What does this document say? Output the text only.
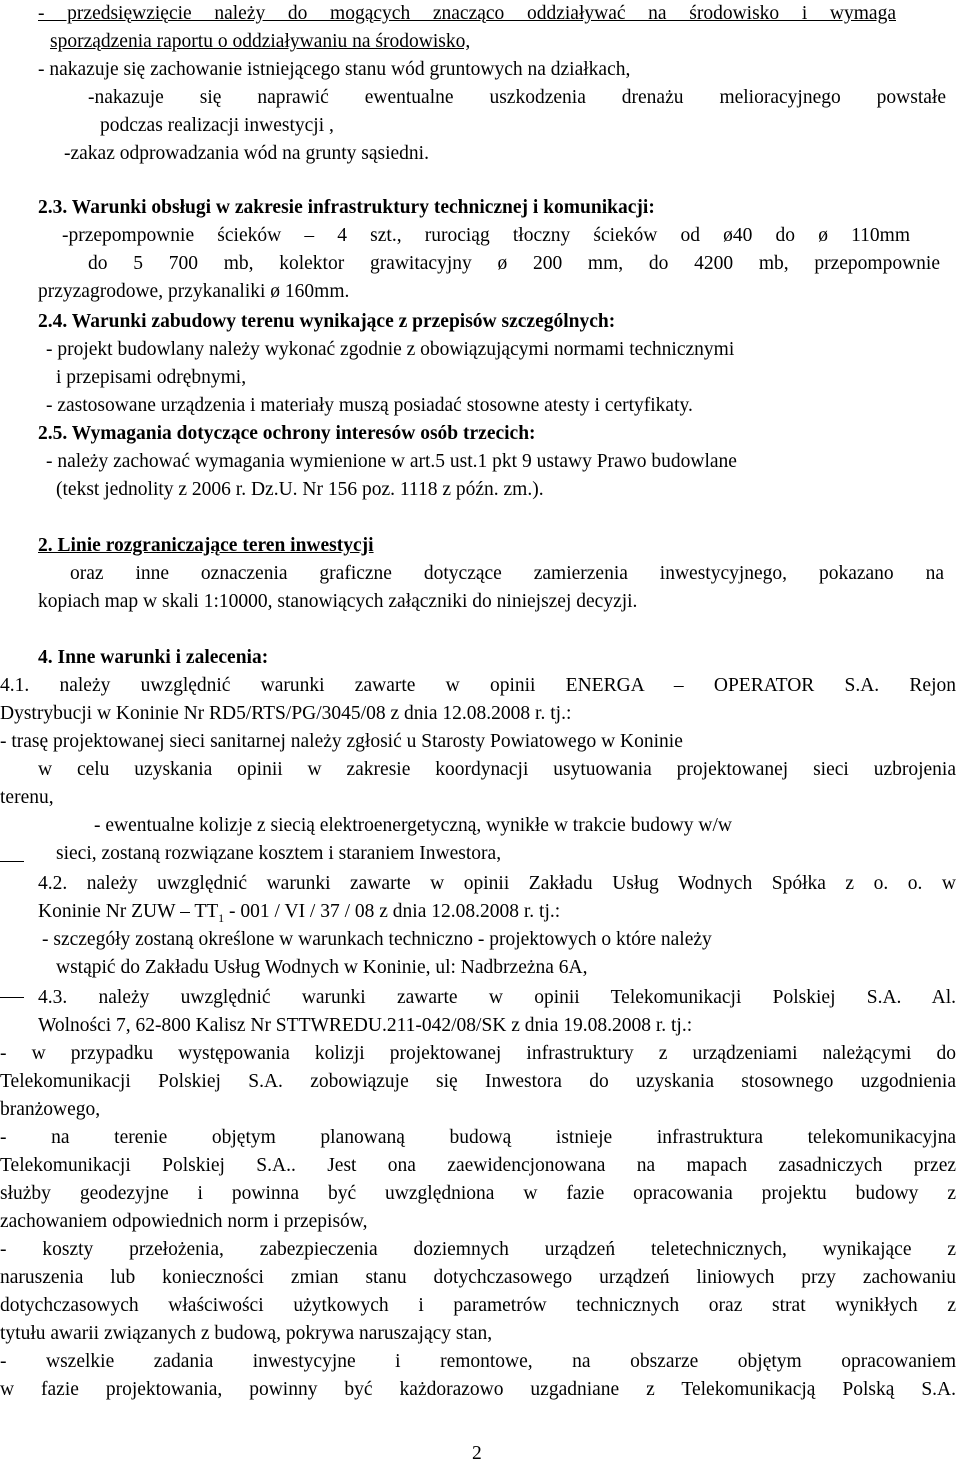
- przedsięwzięcie należy do mogących znacząco oddziaływać na środowisko i wymaga
sporządzenia raportu o oddziaływaniu na środowisko,
- nakazuje się zachowanie istniejącego stanu wód gruntowych na działkach,
-nakazuje się naprawić ewentualne uszkodzenia drenażu melioracyjnego powstałe
podczas realizacji inwestycji ,
-zakaz odprowadzania wód na grunty sąsiedni.
2.3. Warunki obsługi w zakresie infrastruktury technicznej i komunikacji:
-przepompownie ścieków – 4 szt., rurociąg tłoczny ścieków od ø40 do ø 110mm
do 5 700 mb, kolektor grawitacyjny ø 200 mm, do 4200 mb, przepompownie
przyzagrodowe, przykanaliki ø 160mm.
2.4. Warunki zabudowy terenu wynikające z przepisów szczególnych:
- projekt budowlany należy wykonać zgodnie z obowiązującymi normami technicznymi
i przepisami odrębnymi,
- zastosowane urządzenia i materiały muszą posiadać stosowne atesty i certyfikaty.
2.5. Wymagania dotyczące ochrony interesów osób trzecich:
- należy zachować wymagania wymienione w art.5 ust.1 pkt 9 ustawy Prawo budowlane
(tekst jednolity z 2006 r. Dz.U. Nr 156 poz. 1118 z późn. zm.).
2. Linie rozgraniczające teren inwestycji
oraz inne oznaczenia graficzne dotyczące zamierzenia inwestycyjnego, pokazano na
kopiach map w skali 1:10000, stanowiących załączniki do niniejszej decyzji.
4. Inne warunki i zalecenia:
4.1. należy uwzględnić warunki zawarte w opinii ENERGA – OPERATOR S.A. Rejon
Dystrybucji w Koninie Nr RD5/RTS/PG/3045/08 z dnia 12.08.2008 r. tj.:
- trasę projektowanej sieci sanitarnej należy zgłosić u Starosty Powiatowego w Koninie
w celu uzyskania opinii w zakresie koordynacji usytuowania projektowanej sieci uzbrojenia
terenu,
- ewentualne kolizje z siecią elektroenergetyczną, wynikłe w trakcie budowy w/w
sieci, zostaną rozwiązane kosztem i staraniem Inwestora,
4.2. należy uwzględnić warunki zawarte w opinii Zakładu Usług Wodnych Spółka z o. o. w
Koninie Nr ZUW – $TT_1 - 001$ / VI / 37 / 08 z dnia 12.08.2008 r. tj.:
- szczegóły zostaną określone w warunkach techniczno - projektowych o które należy
wstąpić do Zakładu Usług Wodnych w Koninie, ul: Nadbrzeżna 6A,
4.3. należy uwzględnić warunki zawarte w opinii Telekomunikacji Polskiej S.A. Al.
Wolności 7, 62-800 Kalisz Nr STTWREDU.211-042/08/SK z dnia 19.08.2008 r. tj.:
- w przypadku występowania kolizji projektowanej infrastruktury z urządzeniami należącymi do
Telekomunikacji Polskiej S.A. zobowiązuje się Inwestora do uzyskania stosownego uzgodnienia
branżowego,
- na terenie objętym planowaną budową istnieje infrastruktura telekomunikacyjna
Telekomunikacji Polskiej S.A.. Jest ona zaewidencjonowana na mapach zasadniczych przez
służby geodezyjne i powinna być uwzględniona w fazie opracowania projektu budowy z
zachowaniem odpowiednich norm i przepisów,
- koszty przełożenia, zabezpieczenia doziemnych urządzeń teletechnicznych, wynikające z
naruszenia lub konieczności zmian stanu dotychczasowego urządzeń liniowych przy zachowaniu
dotychczasowych właściwości użytkowych i parametrów technicznych oraz strat wynikłych z
tytułu awarii związanych z budową, pokrywa naruszający stan,
- wszelkie zadania inwestycyjne i remontowe, na obszarze objętym opracowaniem
w fazie projektowania, powinny być każdorazowo uzgadniane z Telekomunikacją Polską S.A.
2
